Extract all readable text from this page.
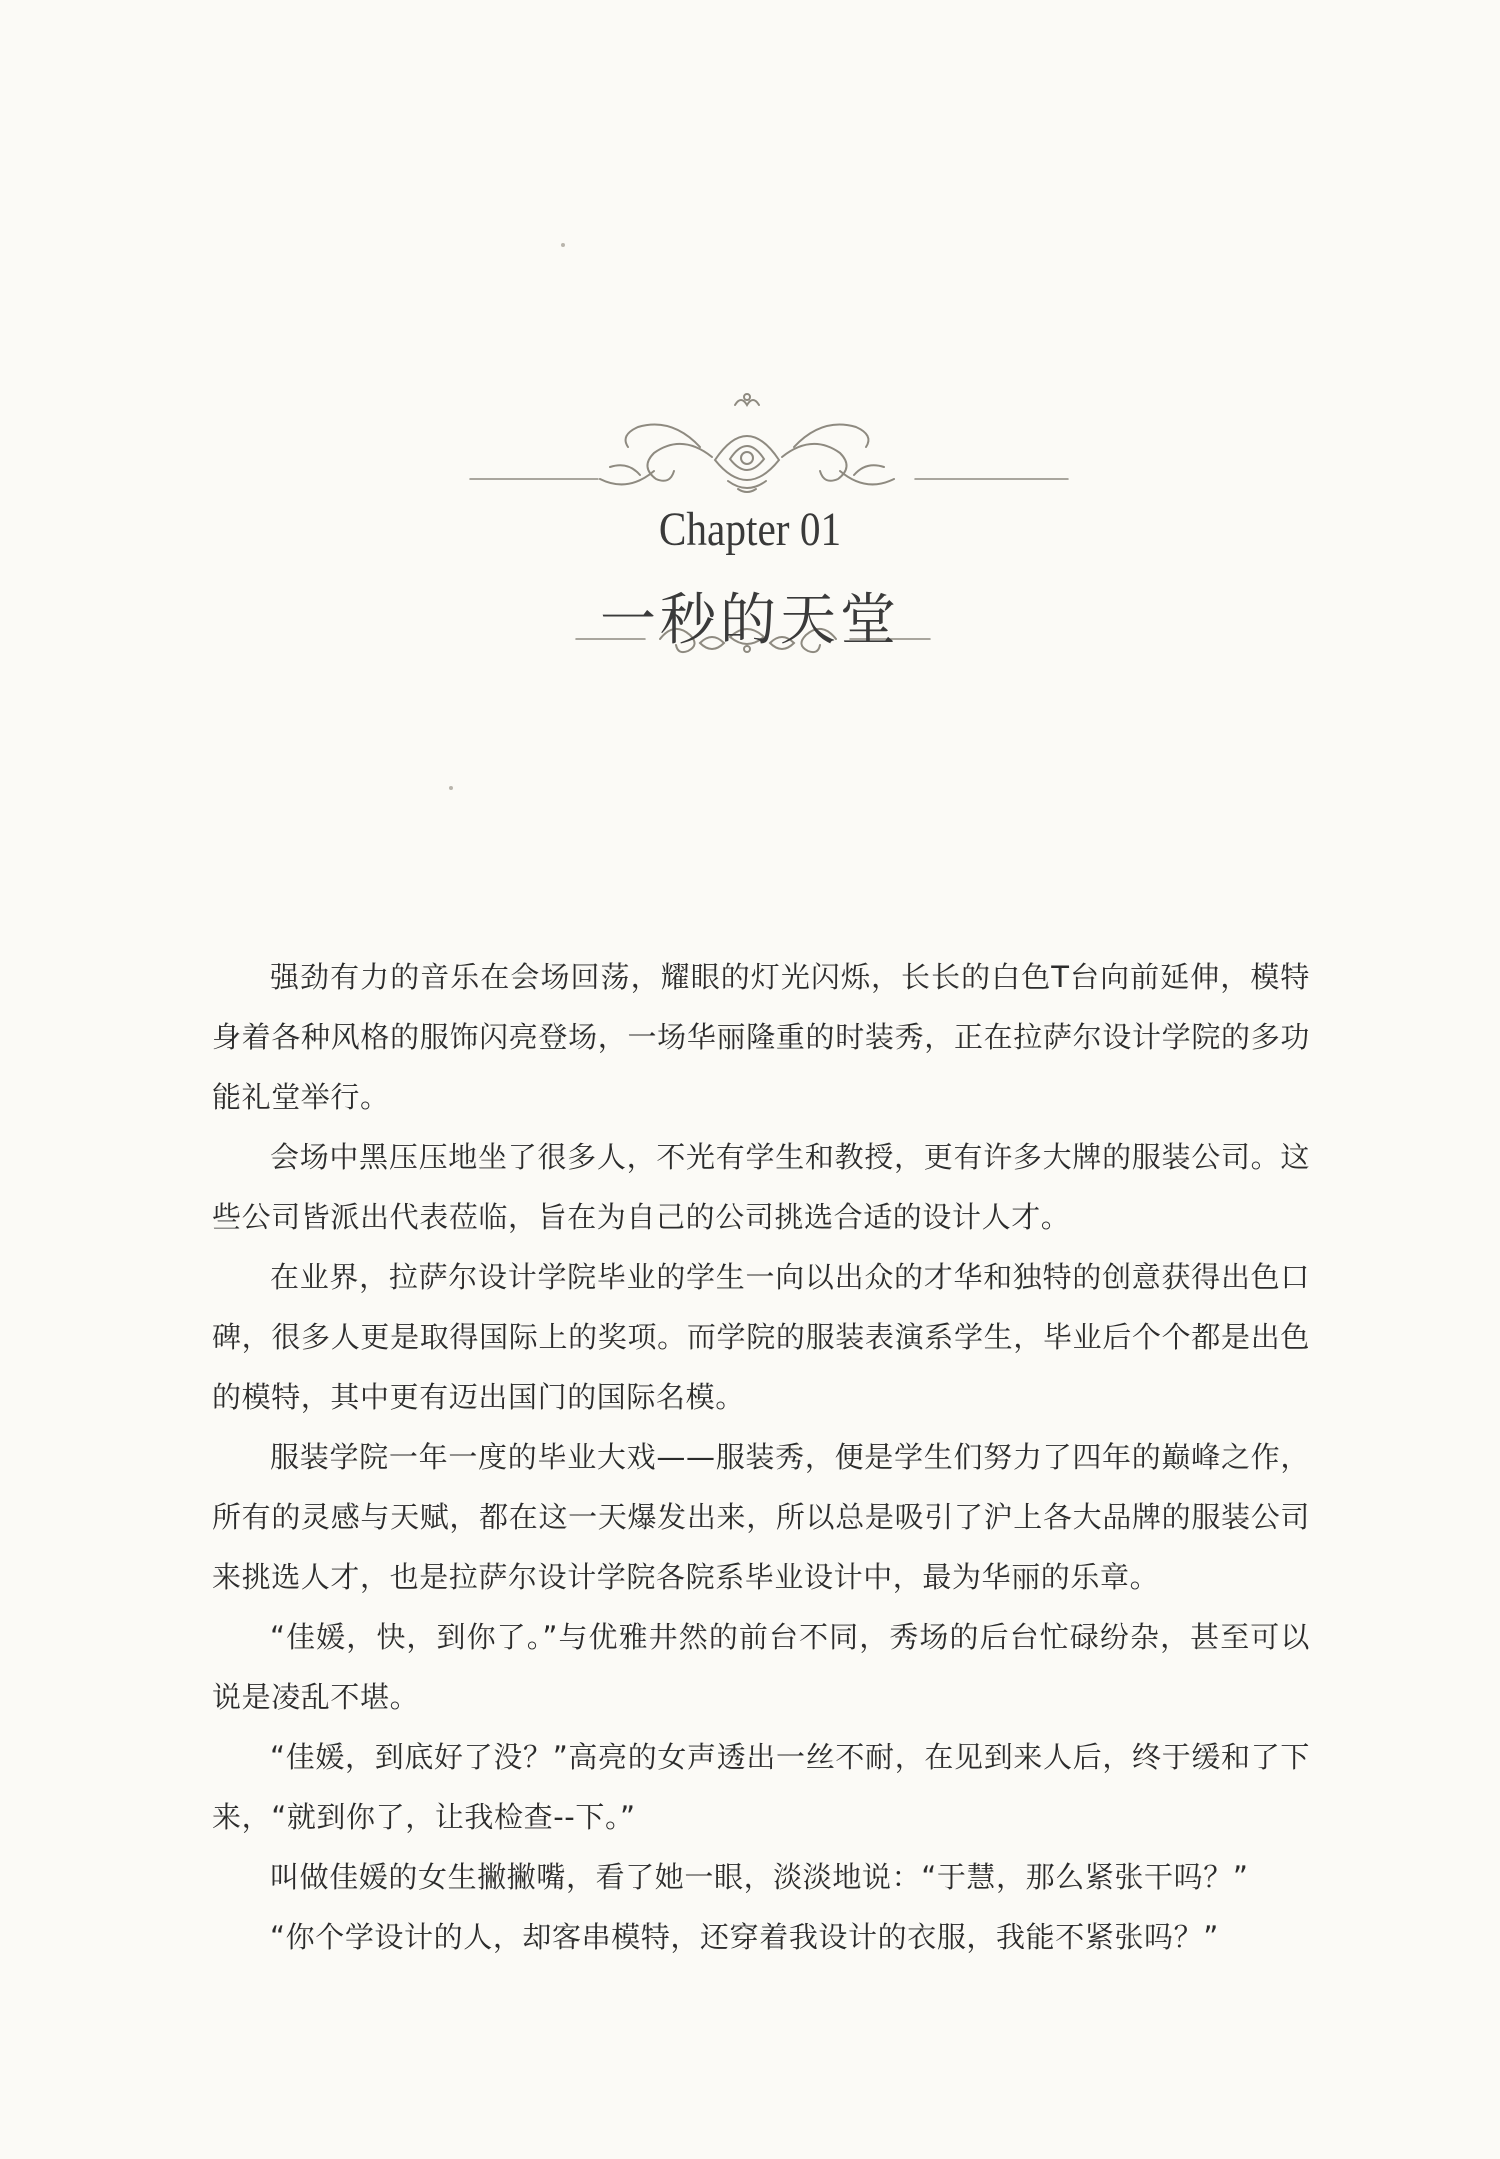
Chapter 01
一秒的天堂

强劲有力的音乐在会场回荡，耀眼的灯光闪烁，长长的白色T台向前延伸，模特身着各种风格的服饰闪亮登场，一场华丽隆重的时装秀，正在拉萨尔设计学院的多功能礼堂举行。

会场中黑压压地坐了很多人，不光有学生和教授，更有许多大牌的服装公司。这些公司皆派出代表莅临，旨在为自己的公司挑选合适的设计人才。

在业界，拉萨尔设计学院毕业的学生一向以出众的才华和独特的创意获得出色口碑，很多人更是取得国际上的奖项。而学院的服装表演系学生，毕业后个个都是出色的模特，其中更有迈出国门的国际名模。

服装学院一年一度的毕业大戏——服装秀，便是学生们努力了四年的巅峰之作，所有的灵感与天赋，都在这一天爆发出来，所以总是吸引了沪上各大品牌的服装公司来挑选人才，也是拉萨尔设计学院各院系毕业设计中，最为华丽的乐章。

“佳媛，快，到你了。”与优雅井然的前台不同，秀场的后台忙碌纷杂，甚至可以说是凌乱不堪。

“佳媛，到底好了没？”高亮的女声透出一丝不耐，在见到来人后，终于缓和了下来，“就到你了，让我检查--下。”

叫做佳媛的女生撇撇嘴，看了她一眼，淡淡地说：“于慧，那么紧张干吗？”

“你个学设计的人，却客串模特，还穿着我设计的衣服，我能不紧张吗？”
